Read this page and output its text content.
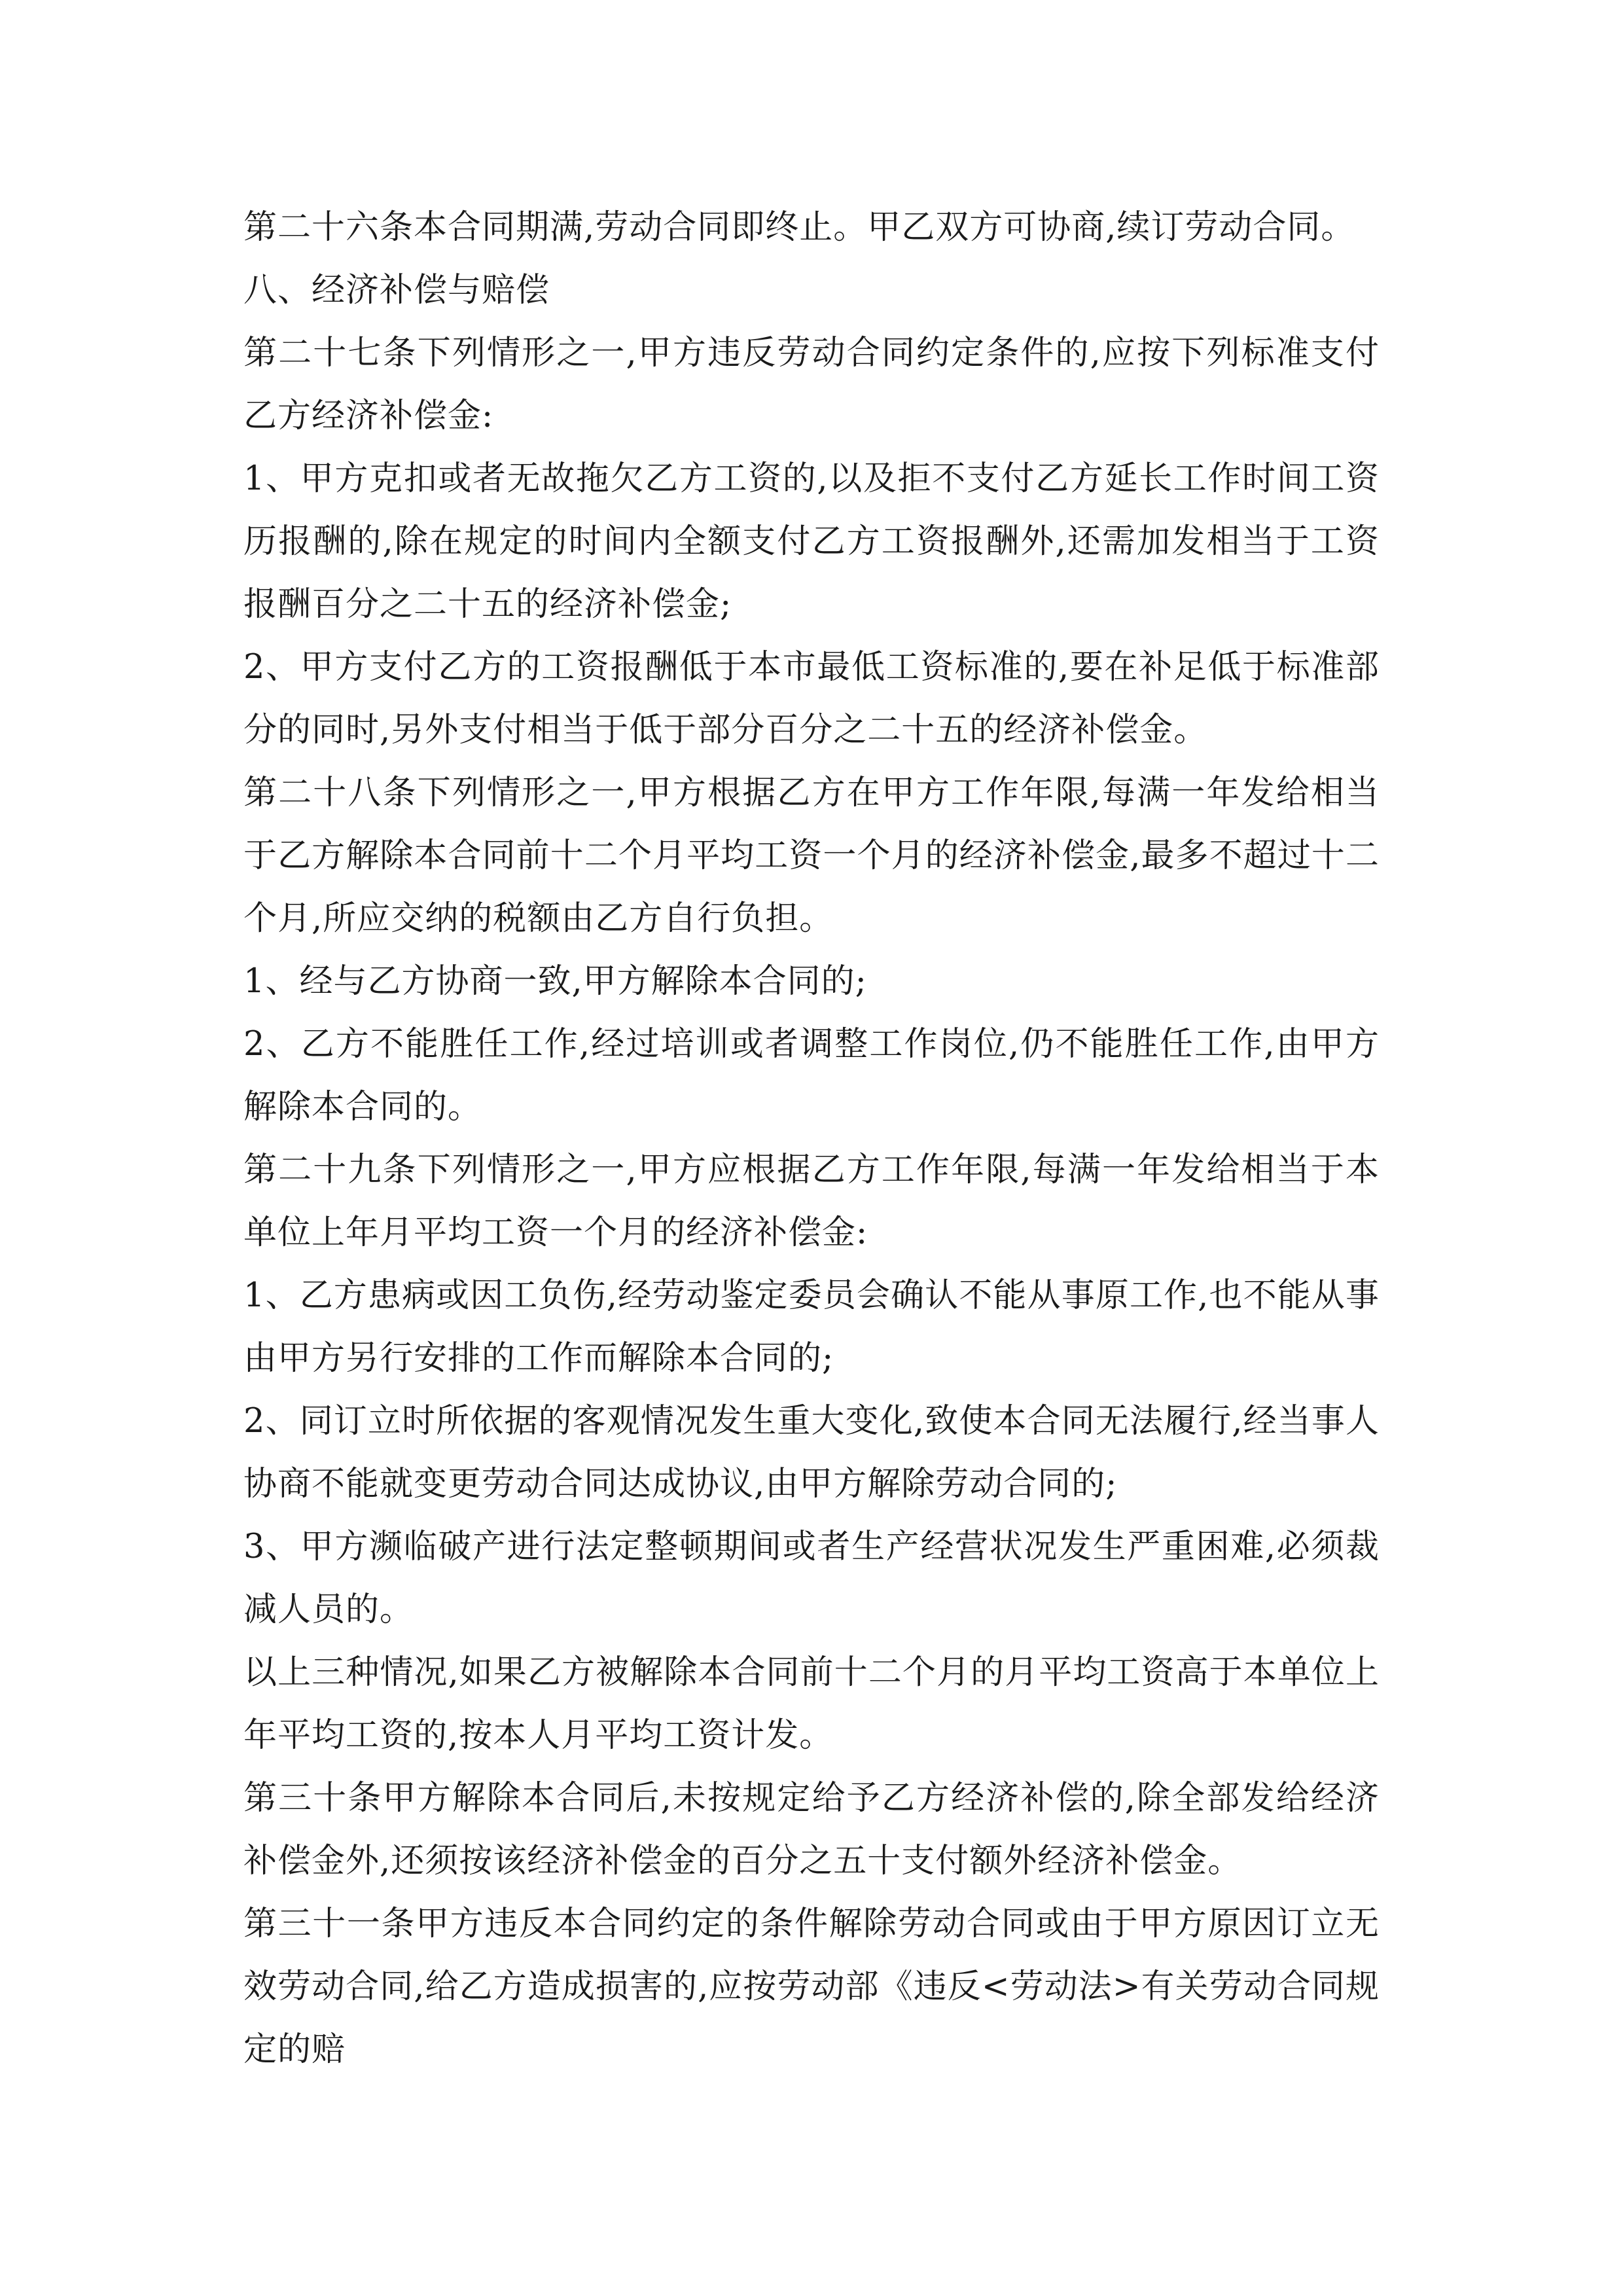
第二十六条本合同期满,劳动合同即终止。甲乙双方可协商,续订劳动合同。

八、经济补偿与赔偿

第二十七条下列情形之一,甲方违反劳动合同约定条件的,应按下列标准支付乙方经济补偿金:

1、甲方克扣或者无故拖欠乙方工资的,以及拒不支付乙方延长工作时间工资历报酬的,除在规定的时间内全额支付乙方工资报酬外,还需加发相当于工资报酬百分之二十五的经济补偿金;

2、甲方支付乙方的工资报酬低于本市最低工资标准的,要在补足低于标准部分的同时,另外支付相当于低于部分百分之二十五的经济补偿金。

第二十八条下列情形之一,甲方根据乙方在甲方工作年限,每满一年发给相当于乙方解除本合同前十二个月平均工资一个月的经济补偿金,最多不超过十二个月,所应交纳的税额由乙方自行负担。

1、经与乙方协商一致,甲方解除本合同的;

2、乙方不能胜任工作,经过培训或者调整工作岗位,仍不能胜任工作,由甲方解除本合同的。

第二十九条下列情形之一,甲方应根据乙方工作年限,每满一年发给相当于本单位上年月平均工资一个月的经济补偿金:

1、乙方患病或因工负伤,经劳动鉴定委员会确认不能从事原工作,也不能从事由甲方另行安排的工作而解除本合同的;

2、同订立时所依据的客观情况发生重大变化,致使本合同无法履行,经当事人协商不能就变更劳动合同达成协议,由甲方解除劳动合同的;

3、甲方濒临破产进行法定整顿期间或者生产经营状况发生严重困难,必须裁减人员的。

以上三种情况,如果乙方被解除本合同前十二个月的月平均工资高于本单位上年平均工资的,按本人月平均工资计发。

第三十条甲方解除本合同后,未按规定给予乙方经济补偿的,除全部发给经济补偿金外,还须按该经济补偿金的百分之五十支付额外经济补偿金。

第三十一条甲方违反本合同约定的条件解除劳动合同或由于甲方原因订立无效劳动合同,给乙方造成损害的,应按劳动部《违反<劳动法>有关劳动合同规定的赔
